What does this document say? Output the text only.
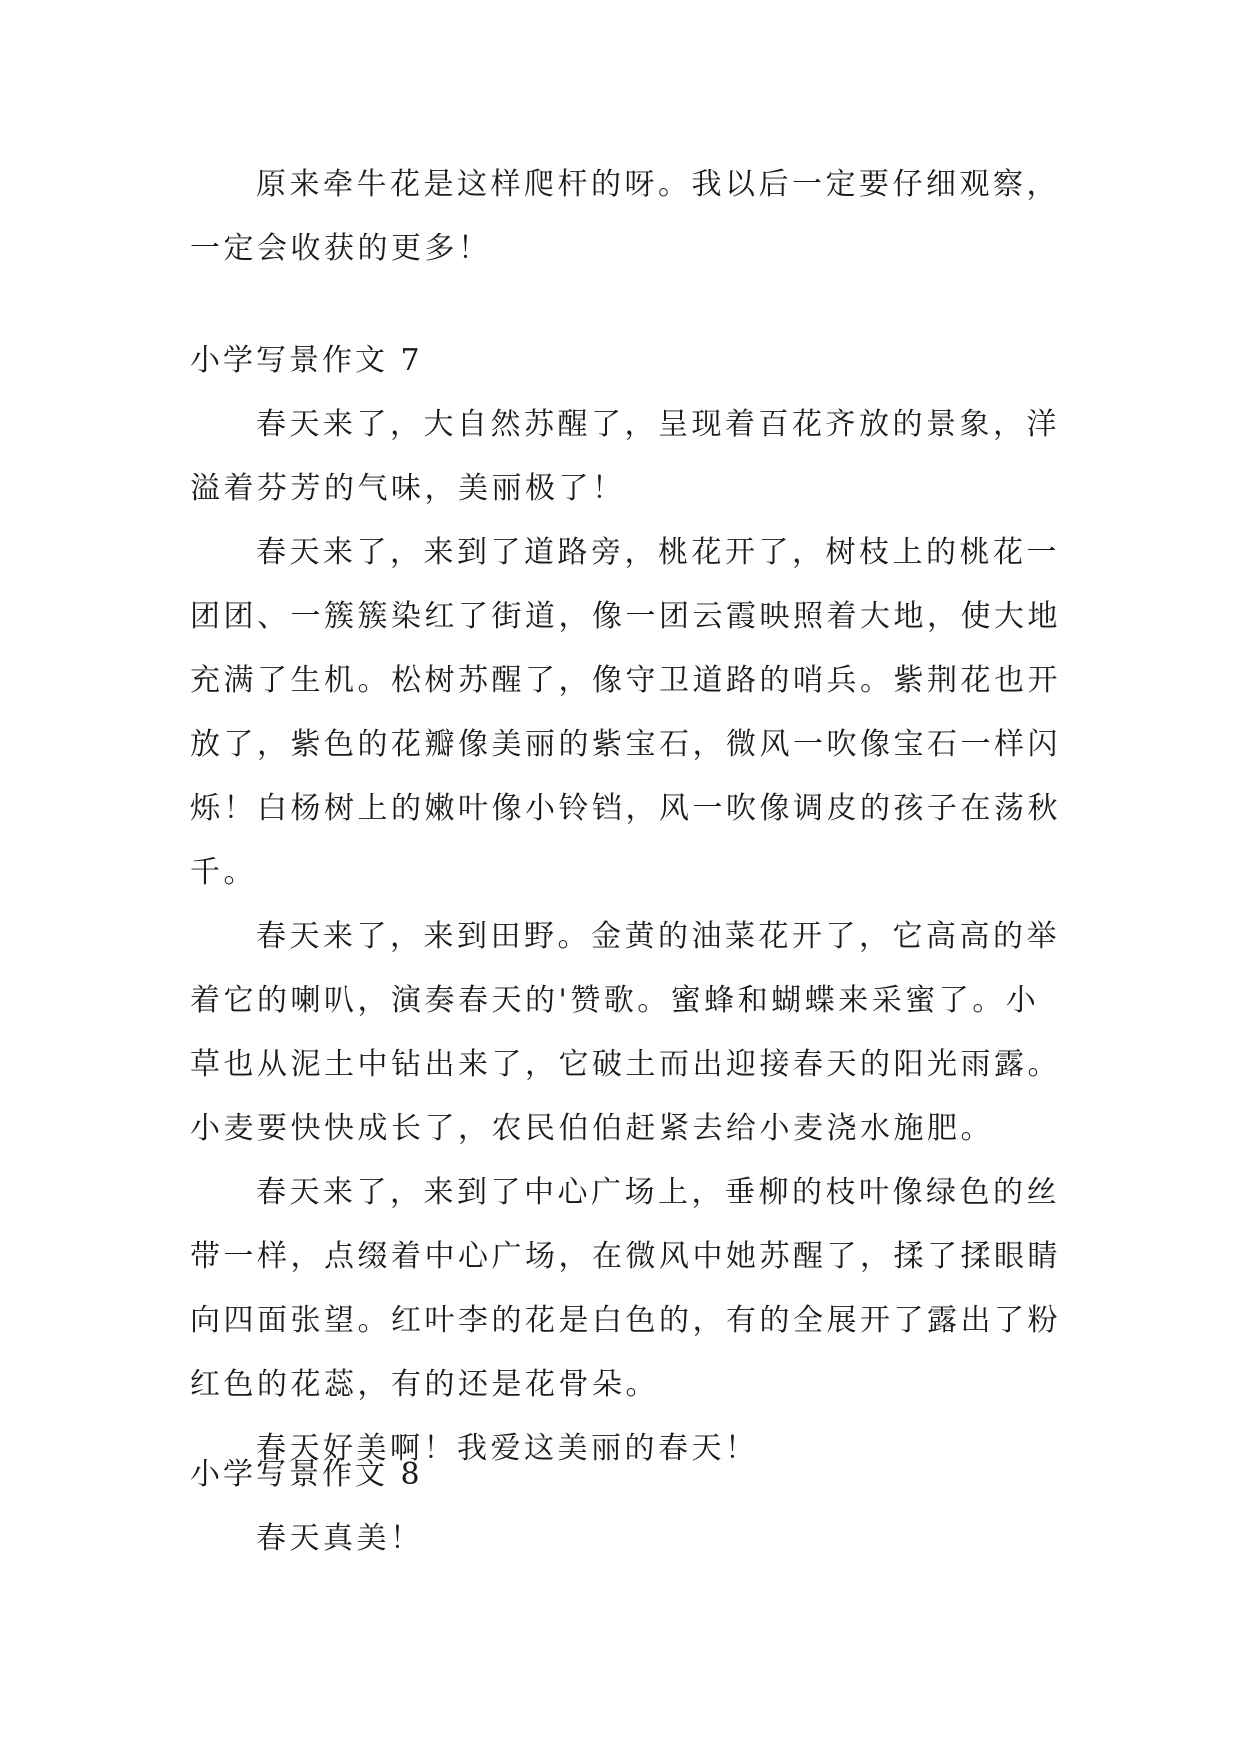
原来牵牛花是这样爬杆的呀。我以后一定要仔细观察，
一定会收获的更多！
小学写景作文 7
春天来了，大自然苏醒了，呈现着百花齐放的景象，洋
溢着芬芳的气味，美丽极了！
春天来了，来到了道路旁，桃花开了，树枝上的桃花一
团团、一簇簇染红了街道，像一团云霞映照着大地，使大地
充满了生机。松树苏醒了，像守卫道路的哨兵。紫荆花也开
放了，紫色的花瓣像美丽的紫宝石，微风一吹像宝石一样闪
烁！白杨树上的嫩叶像小铃铛，风一吹像调皮的孩子在荡秋
千。
春天来了，来到田野。金黄的油菜花开了，它高高的举
着它的喇叭，演奏春天的'赞歌。蜜蜂和蝴蝶来采蜜了。小
草也从泥土中钻出来了，它破土而出迎接春天的阳光雨露。
小麦要快快成长了，农民伯伯赶紧去给小麦浇水施肥。
春天来了，来到了中心广场上，垂柳的枝叶像绿色的丝
带一样，点缀着中心广场，在微风中她苏醒了，揉了揉眼睛
向四面张望。红叶李的花是白色的，有的全展开了露出了粉
红色的花蕊，有的还是花骨朵。
春天好美啊！我爱这美丽的春天！
小学写景作文 8
春天真美！
